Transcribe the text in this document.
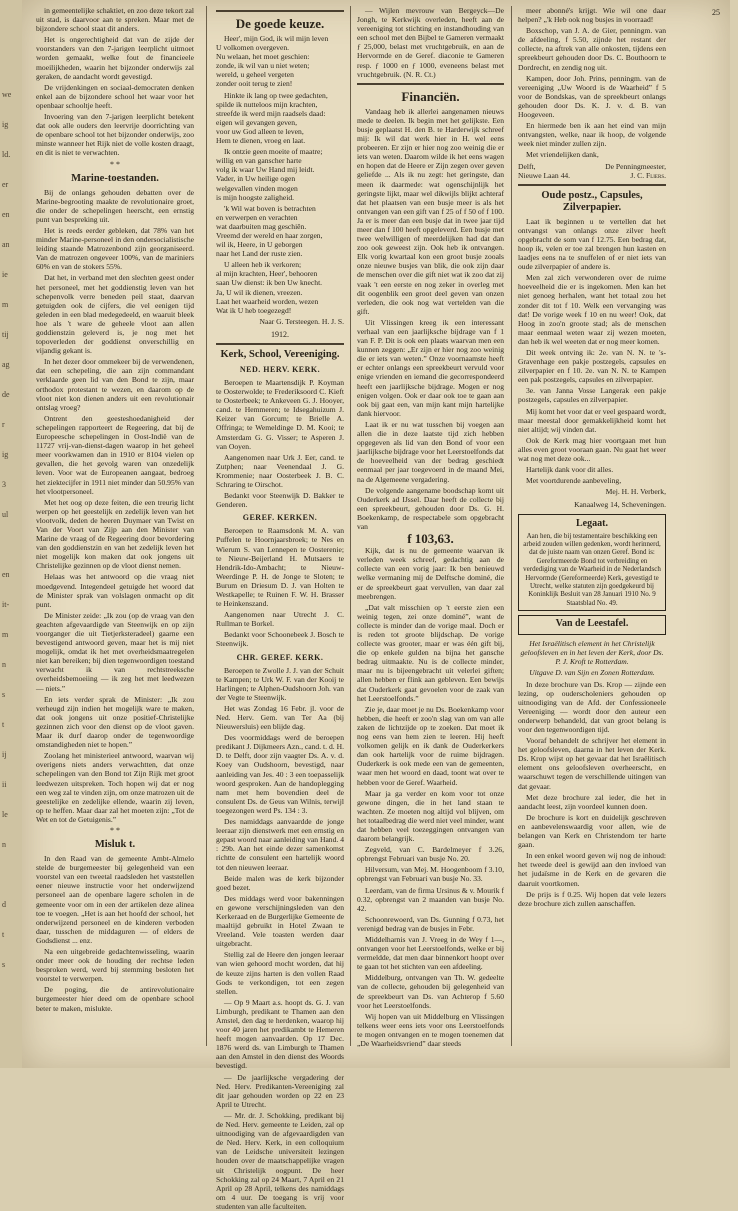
we
ig
ld.
er
en
an
ie
m
tij
ag
de
r
ig
3
ul
en
it-
m
n
s
t
ij
ii
le
n
d
t
s
25

in gemeentelijke schaktiet, en zoo deze tekort zal uit stad, is daarvoor aan te spreken. Maar met de bijzondere school staat dit anders.

Het is ongerechtigheid dat van de zijde der voorstanders van den 7-jarigen leerplicht uitmoet worden gemaakt, welke fout de financieele moeilijkheden, waarin het bijzonder onderwijs zal geraken, de aandacht wordt gevestigd.

De vrijdenkingen en sociaal-democraten denken enkel aan de bijzondere school het waar voor het openbaar schooltje heeft.

Invoering van den 7-jarigen leerplicht betekent dat ook alle ouders den leervrije doorrichting van de openbare school tot het bijzonder onderwijs, zoo minste wanneer het Rijk niet de volle kosten draagt, en dit is niet te verwachten.

* *
Marine-toestanden.

Bij de onlangs gehouden debatten over de Marine-begrooting maakte de revolutionaire groet, die onder de schepelingen heerscht, een ernstig punt van bespreking uit.

Het is reeds eerder gebleken, dat 78% van het minder Marine-personeel in den ondersocialistische leiding staande Matrozenbond zijn georganiseerd. Van de matrozen ongeveer 100%, van de mariniers 60% en van de stokers 55%.

Dat het, in verband met den slechten geest onder het personeel, met het goddienstig leven van het schepenvolk verre beneden peil staat, daarvan getuigden ook de cijfers, die vel eenigen tijd geleden in een blad medegedeeld, en waaruit bleek hoe als 't ware de geheele vloot aan allen goddienstzin geleverd is, je nog met het topoverleden der goddienst onverschillig en vijandig gekant is.

In het dezer door ommekeer bij de verwendenen, dat een schepeling, die aan zijn commandant verklaarde geen lid van den Bond te zijn, maar orthodox protestant te wezen, en daarom op de vloot niet kon dienen anders uit een revolutionair ontslag vroeg?

Ontrent den geesteshoedanigheid der schepelingen rapporteert de Regeering, dat bij de Europeesche schepelingen in Oost-Indië van de 11727 vrij-van-dienst-dagen waarop in het geheel meer voorkwamen dan in 1910 er 8104 vielen op gevallen, die het gevolg waren van onzedelijk leven. Voor wat de Europeanen aangaat, bedroeg het ziektecijfer in 1911 niet minder dan 50.95% van het vlootpersoneel.

Met het oog op deze feiten, die een treurig licht werpen op het geestelijk en zedelijk leven van het vlootvolk, deden de heeren Duymaer van Twist en Van der Voort van Zijp aan den Minister van Marine de vraag of de Regeering door bevordering van den goddienstzin en van het zedelijk leven het niet mogelijk kon maken dat ook jongens uit Christelijke gezinnen op de vloot dienst nemen.

Helaas was het antwoord op die vraag niet moedgevend. Integendeel getuigde het woord dat de Minister sprak van volslagen onmacht op dit punt.

De Minister zeide: „Ik zou (op de vraag van den geachten afgevaardigde van Steenwijk en op zijn voorganger die uit Tietjerksteradeel) gaarne een bevestigend antwoord geven, maar het is mij niet mogelijk, omdat ik het met overheidsmaatregelen niet kan bereiken; bij dien tegenwoordigen toestand verwacht ik van rechtstreeksche overheidsbemoeiing — ik zeg het met leedwezen — niets.”

En iets verder sprak de Minister: „Ik zou verheugd zijn indien het mogelijk ware te maken, dat ook jongens uit onze positief-Christelijke gezinnen zich voor den dienst op de vloot gaven. Maar ik durf daarop onder de tegenwoordige omstandigheden niet te hopen.”

Zoolang het ministerieel antwoord, waarvan wij overigens niets anders verwachtten, dat onze schepelingen van den Bond tot Zijn Rijk met groot leedwezen uitspreken. Toch hopen wij dat er nog een weg zal te vinden zijn, om onze matrozen uit de geestelijke en zedelijke ellende, waarin zij leven, op te heffen. Maar daar zal het moeten zijn: „Tot de Wet en tot de Getuigenis.”

* *
Misluk t.

In den Raad van de gemeente Ambt-Almelo stelde de burgemeester bij gelegenheid van een voorstel van een tweetal raadsleden het vaststellen eener nieuwe instructie voor het onderwijzend personeel aan de openbare lagere scholen in de gemeente voor om in een der artikelen deze alinea toe te voegen. „Het is aan het hoofd der school, het onderwijzend personeel en de kinderen verboden daar, tusschen de middaguren — of elders de Godsdienst ... enz.

Na een uitgebreide gedachtenwisseling, waarin onder meer ook de houding der rechtse leden besproken werd, werd bij stemming besloten het voorstel te verwerpen.

De poging, die de antirevolutionaire burgemeester hier deed om de openbare school beter te maken, mislukte.

De goede keuze.

Heer', mijn God, ik wil mijn leven
U volkomen overgeven.
Nu welaan, het moet geschien:
zonde, ik wil van u niet weten;
wereld, u geheel vergeten
zonder ooit terug te zien!

Hinkte ik lang op twee gedachten,
spilde ik nutteloos mijn krachten,
streefde ik werd mijn raadsels daad:
eigen wil gevangen geven,
voor uw God alleen te leven,
Hem te dienen, vroeg en laat.

Ik ontzie geen moeite of maatre;
willig en van ganscher harte
volg ik waar Uw Hand mij leidt.
Vader, in Uw heilige ogen
welgevallen vinden mogen
is mijn hoogste zaligheid.

'k Wil wat boven is betrachten
en verwerpen en verachten
wat daarbuiten mag geschiên.
Vreemd der wereld en haar zorgen,
wil ik, Heere, in U geborgen
naar het Land der ruste zien.

U alleen heb ik verkoren;
al mijn krachten, Heer', behooren
saan Uw dienst: ik ben Uw knecht.
Ja, U wil ik dienen, vreezen.
Laat het waarheid worden, wezen
Wat ik U heb toegezegd!

Naar G. Tersteegen. H. J. S.
1912.
Kerk, School, Vereeniging.
NED. HERV. KERK.

Beroepen te Maartensdijk P. Koyman te Oosterwolde; te Frederiksoord C. Kieft te Oosterbeek; te Ankeveen G. J. Hooyer, cand. te Hemmeren; te Idsegahuizum J. Keizer van Gorcum; te Brielle A. Offringa; te Wemeldinge D. M. Kooi; te Amsterdam G. G. Visser; te Asperen J. van Ooyen.

Aangenomen naar Urk J. Eer, cand. te Zutphen; naar Veenendaal J. G. Krommenie; naar Oosterbeek J. B. C. Schraring te Oirschot.

Bedankt voor Steenwijk D. Bakker te Genderen.

GEREF. KERKEN.

Beroepen te Raamsdonk M. A. van Puffelen te Hoornjaarsbroek; te Nes en Wierum S. van Lennepen te Oosterenie; te Nieuw-Beijerland H. Mutsaers te Hendrik-Ido-Ambacht; te Nieuw-Weerdinge P. H. de Jonge te Sloten; te Burum en Driesum D. J. van Holten te Westkapelle; te Ruinen F. W. H. Brasser te Heinkenszand.

Aangenomen naar Utrecht J. C. Rullman te Borkel.

Bedankt voor Schoonebeek J. Bosch te Steenwijk.

CHR. GEREF. KERK.

Beroepen te Zwolle J. J. van der Schuit te Kampen; te Urk W. F. van der Kooij te Harlingen; te Alphen-Oudshoorn Joh. van der Vegte te Steenwijk.

Het was Zondag 16 Febr. jl. voor de Ned. Herv. Gem. van Ter Aa (bij Nieuwersluis) een blijde dag.

Des voormiddags werd de beroepen predikant J. Dijkmeers Azn., cand. t. d. H. D. te Delft, door zijn vaagter Ds. A. v. d. Koey van Oudshoorn, bevestigd, naar aanleiding van Jes. 40 : 3 een toepasselijk woord gesproken. Aan de handoplegging nam met hem bovendien deel de consulent Ds. de Geus van Wilnis, terwijl toegezongen werd Ps. 134 : 3.

Des namiddags aanvaardde de jonge leeraar zijn dienstwerk met een ernstig en gepast woord naar aanleiding van Hand. 4 : 29b. Aan het einde dezer samenkomst richtte de consulent een hartelijk woord tot den nieuwen leeraar.

Beide malen was de kerk bijzonder goed bezet.

Des middags werd voor bakenningen en gewone verschijningsleden van den Kerkeraad en de Burgerlijke Gemeente de maaltijd gebruikt in Hotel Zwaan te Vreeland. Vele toasten werden daar uitgebracht.

Stellig zal de Heere den jongen leeraar van wien gehoord mocht worden, dat hij de keuze zijns harten is den vollen Raad Gods te verkondigen, tot een zegen stellen.

— Op 9 Maart a.s. hoopt ds. G. J. van Limburgh, predikant te Thamen aan den Amstel, den dag te herdenken, waarop hij voor 40 jaren het predikambt te Hemeren heeft mogen aanvaarden. Op 17 Dec. 1876 werd ds. van Limburgh te Thamen aan den Amstel in den dienst des Woords bevestigd.

— De jaarlijksche vergadering der Ned. Herv. Predikanten-Vereeniging zal dit jaar gehouden worden op 22 en 23 April te Utrecht.

— Mr. dr. J. Schokking, predikant bij de Ned. Herv. gemeente te Leiden, zal op uitnoodiging van de afgevaardigden van de Ned. Herv. Kerk, in een colloquium van de Leidsche universiteit lezingen houden over de maatschappelijke vragen uit Christelijk oogpunt. De heer Schokking zal op 24 Maart, 7 April en 21 April op 28 April, telkens des namiddags om 4 uur. De toegang is vrij voor studenten van alle faculteiten.

— Wijlen mevrouw van Bergeyck—De Jongh, te Kerkwijk overleden, heeft aan de vereeniging tot stichting en instandhouding van een school met den Bijbel te Gameren vermaakt ƒ 25,000, belast met vruchtgebruik, en aan de Hervormde en de Geref. diaconie te Gameren resp. ƒ 1000 en ƒ 1000, eveneens belast met vruchtgebruik. (N. R. Ct.)

Financiën.

Vandaag heb ik allerlei aangenamen nieuws mede te deelen. Ik begin met het gelijkste. Een busje geplaatst H. den B. te Harderwijk schreef mij: Ik wil dat werk hier in H. wel eens probeeren. Er zijn er hier nog zoo weinig die er iets van weten. Daarom wilde ik het eens wagen en hopen dat de Heere er Zijn zegen over geven geliefde ... Als ik nu zegt: het geringste, dan meen ik daarmede: wat ogenschijnlijk het geringste lijkt, maar wel dikwijls blijkt achteraf dat het plaatsen van een busje meer is als het ontvangen van een gift van f 25 of f 50 of f 100. Ja er is meer dan een busje dat in twee jaar tijd meer dan f 100 heeft opgeleverd. Een busje met twee welwilligen of meerdelijken had dat dan zoo ook geweest zijn. Ook heb ik ontvangen. Elk vorig kwartaal kon een groot busje zooals onze nieuwe busjes van blik, die ook zijn daar de menschen over die gift niet wat ik zoo dat zij vaak 't een eerste en nog zeker in overleg met dit oogenblik een groot deel geven van onzen verleden, die ook nog wat vertelden van die gift.

Uit Vlissingen kreeg ik een interessant verhaal van een jaarlijksche bijdrage van f 1 van F. P. Dit is ook een plaats waarvan men een kunnen zeggen: „Er zijn er hier nog zoo weinig die er iets van weten.” Onze voornaamste heeft er echter onlangs een spreekbeurt vervuld voor enige vrienden en iemand die gecorrespondeerd heeft een jaarlijksche bijdrage. Mogen er nog enigen volgen. Ook er daar ook toe te gaan aan ook bij gaat een, van mijn kant mijn hartelijke dank hiervoor.

Laat ik er nu wat tusschen bij voegen aan allen die in deze laatste tijd zich hebben opgegeven als lid van den Bond of voor een jaarlijksche bijdrage voor het Leerstoelfonds dat de hoeveelheid van der bedrag geschiedt eenmaal per jaar toegevoerd in de maand Mei, na de Algemeene vergadering.

De volgende aangename boodschap komt uit Ouderkerk ad IJssel. Daar heeft de collecte bij een spreekbeurt, gehouden door Ds. G. H. Boekenkamp, de respectabele som opgebracht van

f 103,63.

Kijk, dat is nu de gemeente waarvan ik verleden week schreef, gedachtig aan de collecte van een vorig jaar: Ik ben benieuwd welke vermaning mij de Delftsche dominé, die er de spreekbeurt gaat vervullen, van daar zal meebrengen.

„Dat valt misschien op 't eerste zien een weinig tegen, zei onze dominé”, want de collecte is minder dan de vorige maal. Doch er is reden tot groote blijdschap. De vorige collecte was grooter, maar er was één gift bij, die op enkele gulden na bijna het gansche bedrag uitmaakte. Nu is de collecte minder, maar nu is bijeengebracht uit velerlei giften; allen hebben er flink aan gebleven. Een bewijs dat Ouderkerk gaat gevoelen voor de zaak van het Leerstoelfonds.”

Zie je, daar moet je nu Ds. Boekenkamp voor hebben, die heeft er zoo'n slag van om van alle zaken de lichtzijde op te zoeken. Dat moet ik nog eens van hem zien te leeren. Hij heeft volkomen gelijk en ik dank de Ouderkerkers dan ook hartelijk voor de ruime bijdragen. Ouderkerk is ook mede een van de gemeenten, waar men het woord en daad, toont wat over te hebben voor de Geref. Waarheid.

Maar ja ga verder en kom voor tot onze gewone dingen, die in het land staan te wachten. Ze moeten nog altijd vol blijven, om het totaalbedrag die werd niet veel minder, want dat hebben veel toezeggingen ontvangen van daarom belangrijk.

Zegveld, van C. Bardelmeyer f 3.26, opbrengst Februari van busje No. 20.

Hilversum, van Mej. M. Hoogenboom f 3.10, opbrengst van Februari van busje No. 33.

Leerdam, van de firma Ursinus & v. Mourik f 0.32, opbrengst van 2 maanden van busje No. 42.

Schoonrewoerd, van Ds. Gunning f 0.73, het verenigd bedrag van de busjes in Febr.

Middelharnis van J. Vreeg in de Wey f 1—, ontvangen voor het Leerstoelfonds, welke er bij vermeldde, dat men daar binnenkort hoopt over te gaan tot het stichten van een afdeeling.

Middelburg, ontvangen van Th. W. gedeelte van de collecte, gehouden bij gelegenheid van de spreekbeurt van Ds. van Achterop f 5.60 voor het Leerstoelfonds.

Wij hopen van uit Middelburg en Vlissingen telkens weer eens iets voor ons Leerstoelfonds te mogen ontvangen en te mogen toenemen dat „De Waarheidsvriend” daar steeds

meer abonné's krijgt. Wie wil one daar helpen? „'k Heb ook nog busjes in voorraad!

Boxschop, van J. A. de Gier, penningm. van de afdeeling, f 5.50, zijnde het restant der collecte, na aftrek van alle onkosten, tijdens een spreekbeurt gehouden door Ds. C. Bouthoorn te Dordrecht, en zendig nog uit.

Kampen, door Joh. Prins, penningm. van de vereeniging „Uw Woord is de Waarheid” f 5 voor de Bondskas, van de spreekbeurt onlangs gehouden door Ds. K. J. v. d. B. van Hoogeveen.

En hiermede ben ik aan het eind van mijn ontvangsten, welke, naar ik hoop, de volgende week niet minder zullen zijn.

Met vriendelijken dank,

Delft,	De Penningmeester,
Nieuwe Laan 44.	J. C. Fliers.
Oude postz., Capsules, Zilverpapier.

Laat ik beginnen u te vertellen dat het ontvangst van onlangs onze zilver heeft opgebracht de som van f 12.75. Een bedrag dat, hoop ik, velen er toe zal brengen hun kasten en laadjes eens na te snuffelen of er niet iets van oude zilverpapier of andere is.

Men zal zich verwonderen over de ruime hoeveelheid die er is ingekomen. Men kan het niet genoeg herhalen, want het totaal zou het zonder dit tot f 10. Welk een vervanging was dat! De vorige week f 10 en nu weer! Ook, dat Hoog in zoo'n groote stad; als de menschen maar eenmaal weten waar zij wezen moeten, dan heb ik wel weeten dat er nog meer komen.

Dit week ontving ik: 2e. van N. N. te 's-Gravenhage een pakje postzegels, capsules en zilverpapier en f 10. 2e. van N. N. te Kampen een pak postzegels, capsules en zilverpapier.

3e. van Janna Vosse Langerak een pakje postzegels, capsules en zilverpapier.

Mij komt het voor dat er veel gespaard wordt, maar meestal door gemakkelijkheid komt het niet altijd; wij vinden dat.

Ook de Kerk mag hier voortgaan met hun alles even groot vooraan gaan. Nu gaat het weer wat nog met deze ook...

Hartelijk dank voor dit alles.

Met voortdurende aanbeveling,

Mej. H. H. Verberk,
Kanaalweg 14, Scheveningen.
Legaat.
Aan hen, die bij testamentaire beschikking een arbeid zouden willen gedenken, wordt herinnerd, dat de juiste naam van onzen Geref. Bond is: Gereformeerde Bond tot verbreiding en verdediging van de Waarheid in de Nederlandsch Hervormde (Gereformeerde) Kerk, gevestigd te Utrecht, welke statuten zijn goedgekeurd bij Koninklijk Besluit van 28 Januari 1910 No. 9 Staatsblad No. 49.
Van de Leestafel.

Het Israëlitisch element in het Christelijk geloofsleven en in het leven der Kerk, door Ds. P. J. Kroft te Rotterdam.

Uitgave D. van Sijn en Zonen Rotterdam.

In deze brochure van Ds. Krop — zijnde een lezing, op ouderscholeniers gehouden op uitnoodiging van de Afd. der Confessioneele Vereeniging — wordt door den auteur een onderwerp behandeld, dat van groot belang is voor den tegenwoordigen tijd.

Vooraf behandelt de schrijver het element in het geloofsleven, daarna in het leven der Kerk. Ds. Krop wijst op het gevaar dat het Israëlitisch element ons geloofsleven overheerscht, en waarschuwt tegen de verschillende uitingen van dat gevaar.

Met deze brochure zal ieder, die het in aandacht leest, zijn voordeel kunnen doen.

De brochure is kort en duidelijk geschreven en aanbevelenswaardig voor allen, wie de belangen van Kerk en Christendom ter harte gaan.

In een enkel woord geven wij nog de inhoud: het tweede deel is gewijd aan den invloed van het judaïsme in de Kerk en de gevaren die daaruit voortkomen.

De prijs is f 0.25. Wij hopen dat vele lezers deze brochure zich zullen aanschaffen.
